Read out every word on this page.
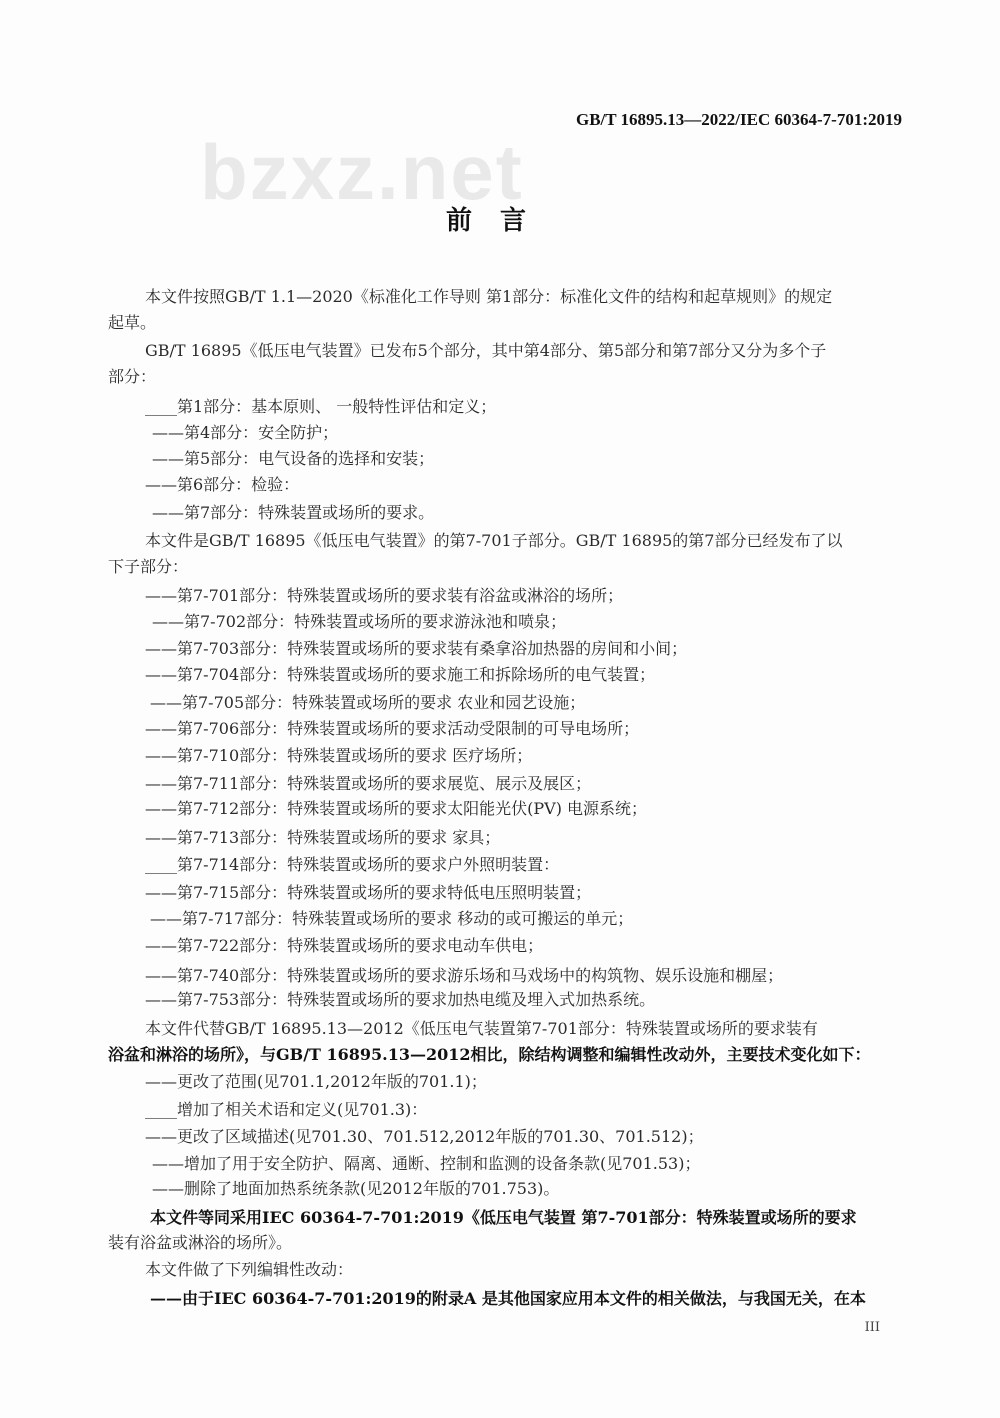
GB/T 16895.13—2022/IEC 60364-7-701:2019
bzxz.net
前言
本文件按照GB/T 1.1—2020《标准化工作导则 第1部分：标准化文件的结构和起草规则》的规定
起草。
GB/T 16895《低压电气装置》已发布5个部分，其中第4部分、第5部分和第7部分又分为多个子
部分：
____第1部分：基本原则、 一般特性评估和定义；
——第4部分：安全防护；
——第5部分：电气设备的选择和安装；
——第6部分：检验：
——第7部分：特殊装置或场所的要求。
本文件是GB/T 16895《低压电气装置》的第7-701子部分。GB/T 16895的第7部分已经发布了以
下子部分：
——第7-701部分：特殊装置或场所的要求装有浴盆或淋浴的场所；
——第7-702部分：特殊装置或场所的要求游泳池和喷泉；
——第7-703部分：特殊装置或场所的要求装有桑拿浴加热器的房间和小间；
——第7-704部分：特殊装置或场所的要求施工和拆除场所的电气装置；
——第7-705部分：特殊装置或场所的要求 农业和园艺设施；
——第7-706部分：特殊装置或场所的要求活动受限制的可导电场所；
——第7-710部分：特殊装置或场所的要求 医疗场所；
——第7-711部分：特殊装置或场所的要求展览、展示及展区；
——第7-712部分：特殊装置或场所的要求太阳能光伏(PV) 电源系统；
——第7-713部分：特殊装置或场所的要求 家具；
____第7-714部分：特殊装置或场所的要求户外照明装置：
——第7-715部分：特殊装置或场所的要求特低电压照明装置；
——第7-717部分：特殊装置或场所的要求 移动的或可搬运的单元；
——第7-722部分：特殊装置或场所的要求电动车供电；
——第7-740部分：特殊装置或场所的要求游乐场和马戏场中的构筑物、娱乐设施和棚屋；
——第7-753部分：特殊装置或场所的要求加热电缆及埋入式加热系统。
本文件代替GB/T 16895.13—2012《低压电气装置第7-701部分：特殊装置或场所的要求装有
浴盆和淋浴的场所》，与GB/T 16895.13—2012相比，除结构调整和编辑性改动外，主要技术变化如下：
——更改了范围(见701.1,2012年版的701.1)；
____增加了相关术语和定义(见701.3)：
——更改了区域描述(见701.30、701.512,2012年版的701.30、701.512)；
——增加了用于安全防护、隔离、通断、控制和监测的设备条款(见701.53)；
——删除了地面加热系统条款(见2012年版的701.753)。
本文件等同采用IEC 60364-7-701:2019《低压电气装置 第7-701部分：特殊装置或场所的要求
装有浴盆或淋浴的场所》。
本文件做了下列编辑性改动：
——由于IEC 60364-7-701:2019的附录A 是其他国家应用本文件的相关做法，与我国无关，在本
III
